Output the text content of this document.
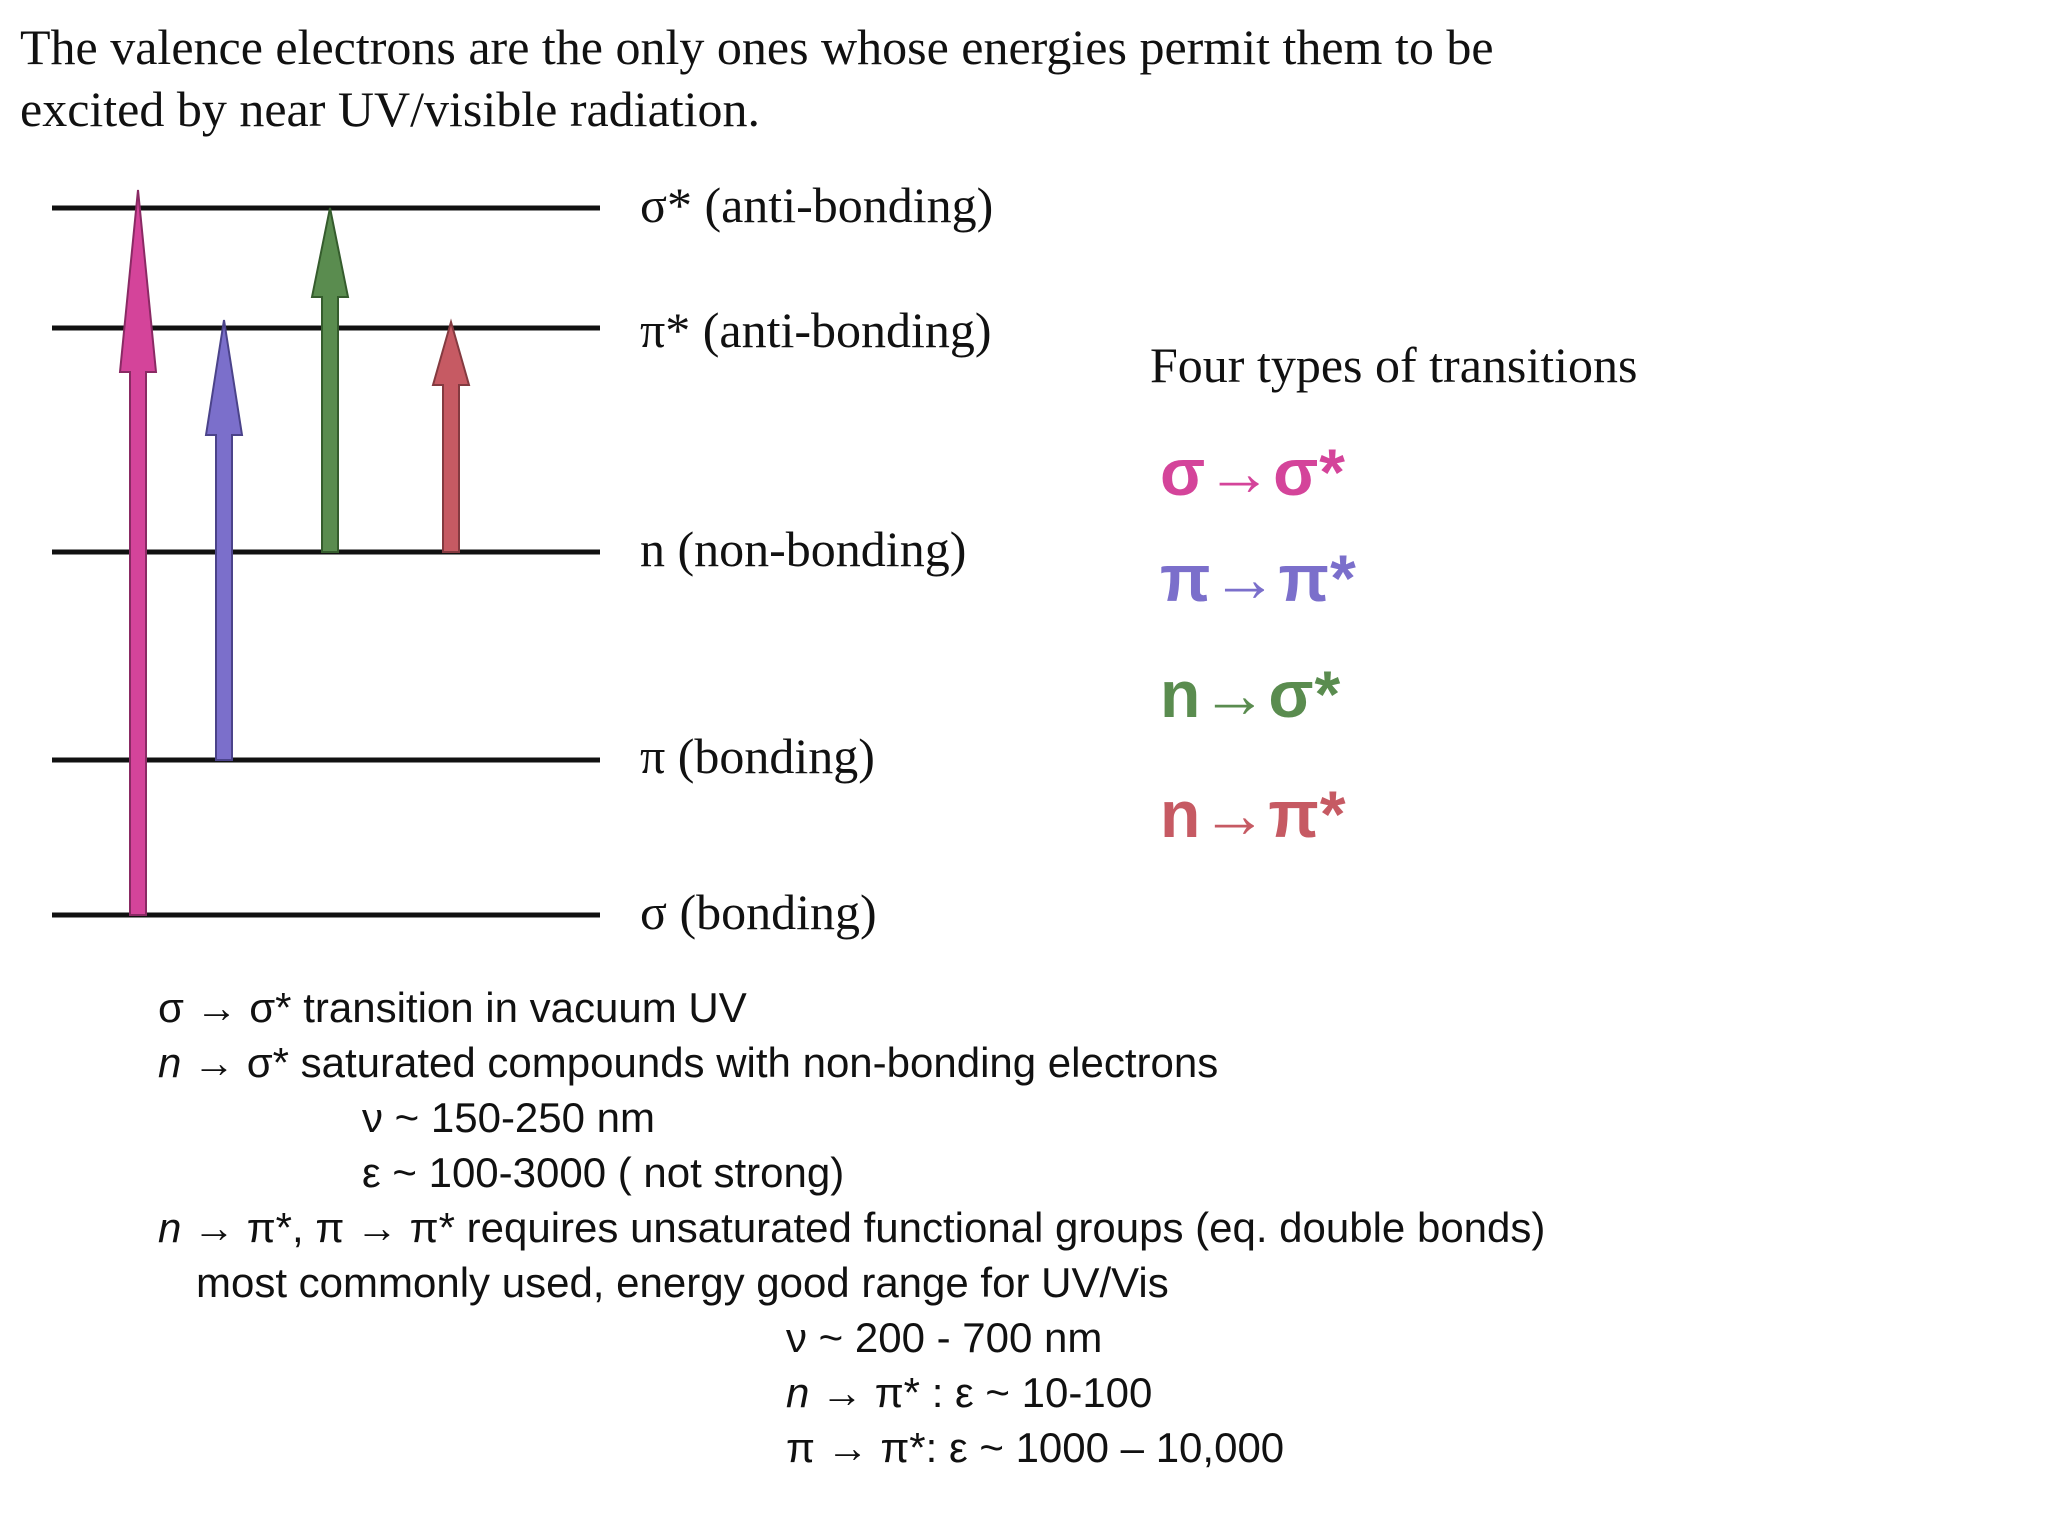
The valence electrons are the only ones whose energies permit them to be
excited by near UV/visible radiation.
σ* (anti-bonding)
π* (anti-bonding)
n (non-bonding)
π (bonding)
σ (bonding)
Four types of transitions
σ→σ*
π→π*
n→σ*
n→π*
σ → σ* transition in vacuum UV
n → σ* saturated compounds with non-bonding electrons
ν ~ 150-250 nm
ε ~ 100-3000 ( not strong)
n → π*, π → π* requires unsaturated functional groups (eq. double bonds)
most commonly used, energy good range for UV/Vis
ν ~ 200 - 700 nm
n → π* : ε ~ 10-100
π → π*: ε ~ 1000 – 10,000
